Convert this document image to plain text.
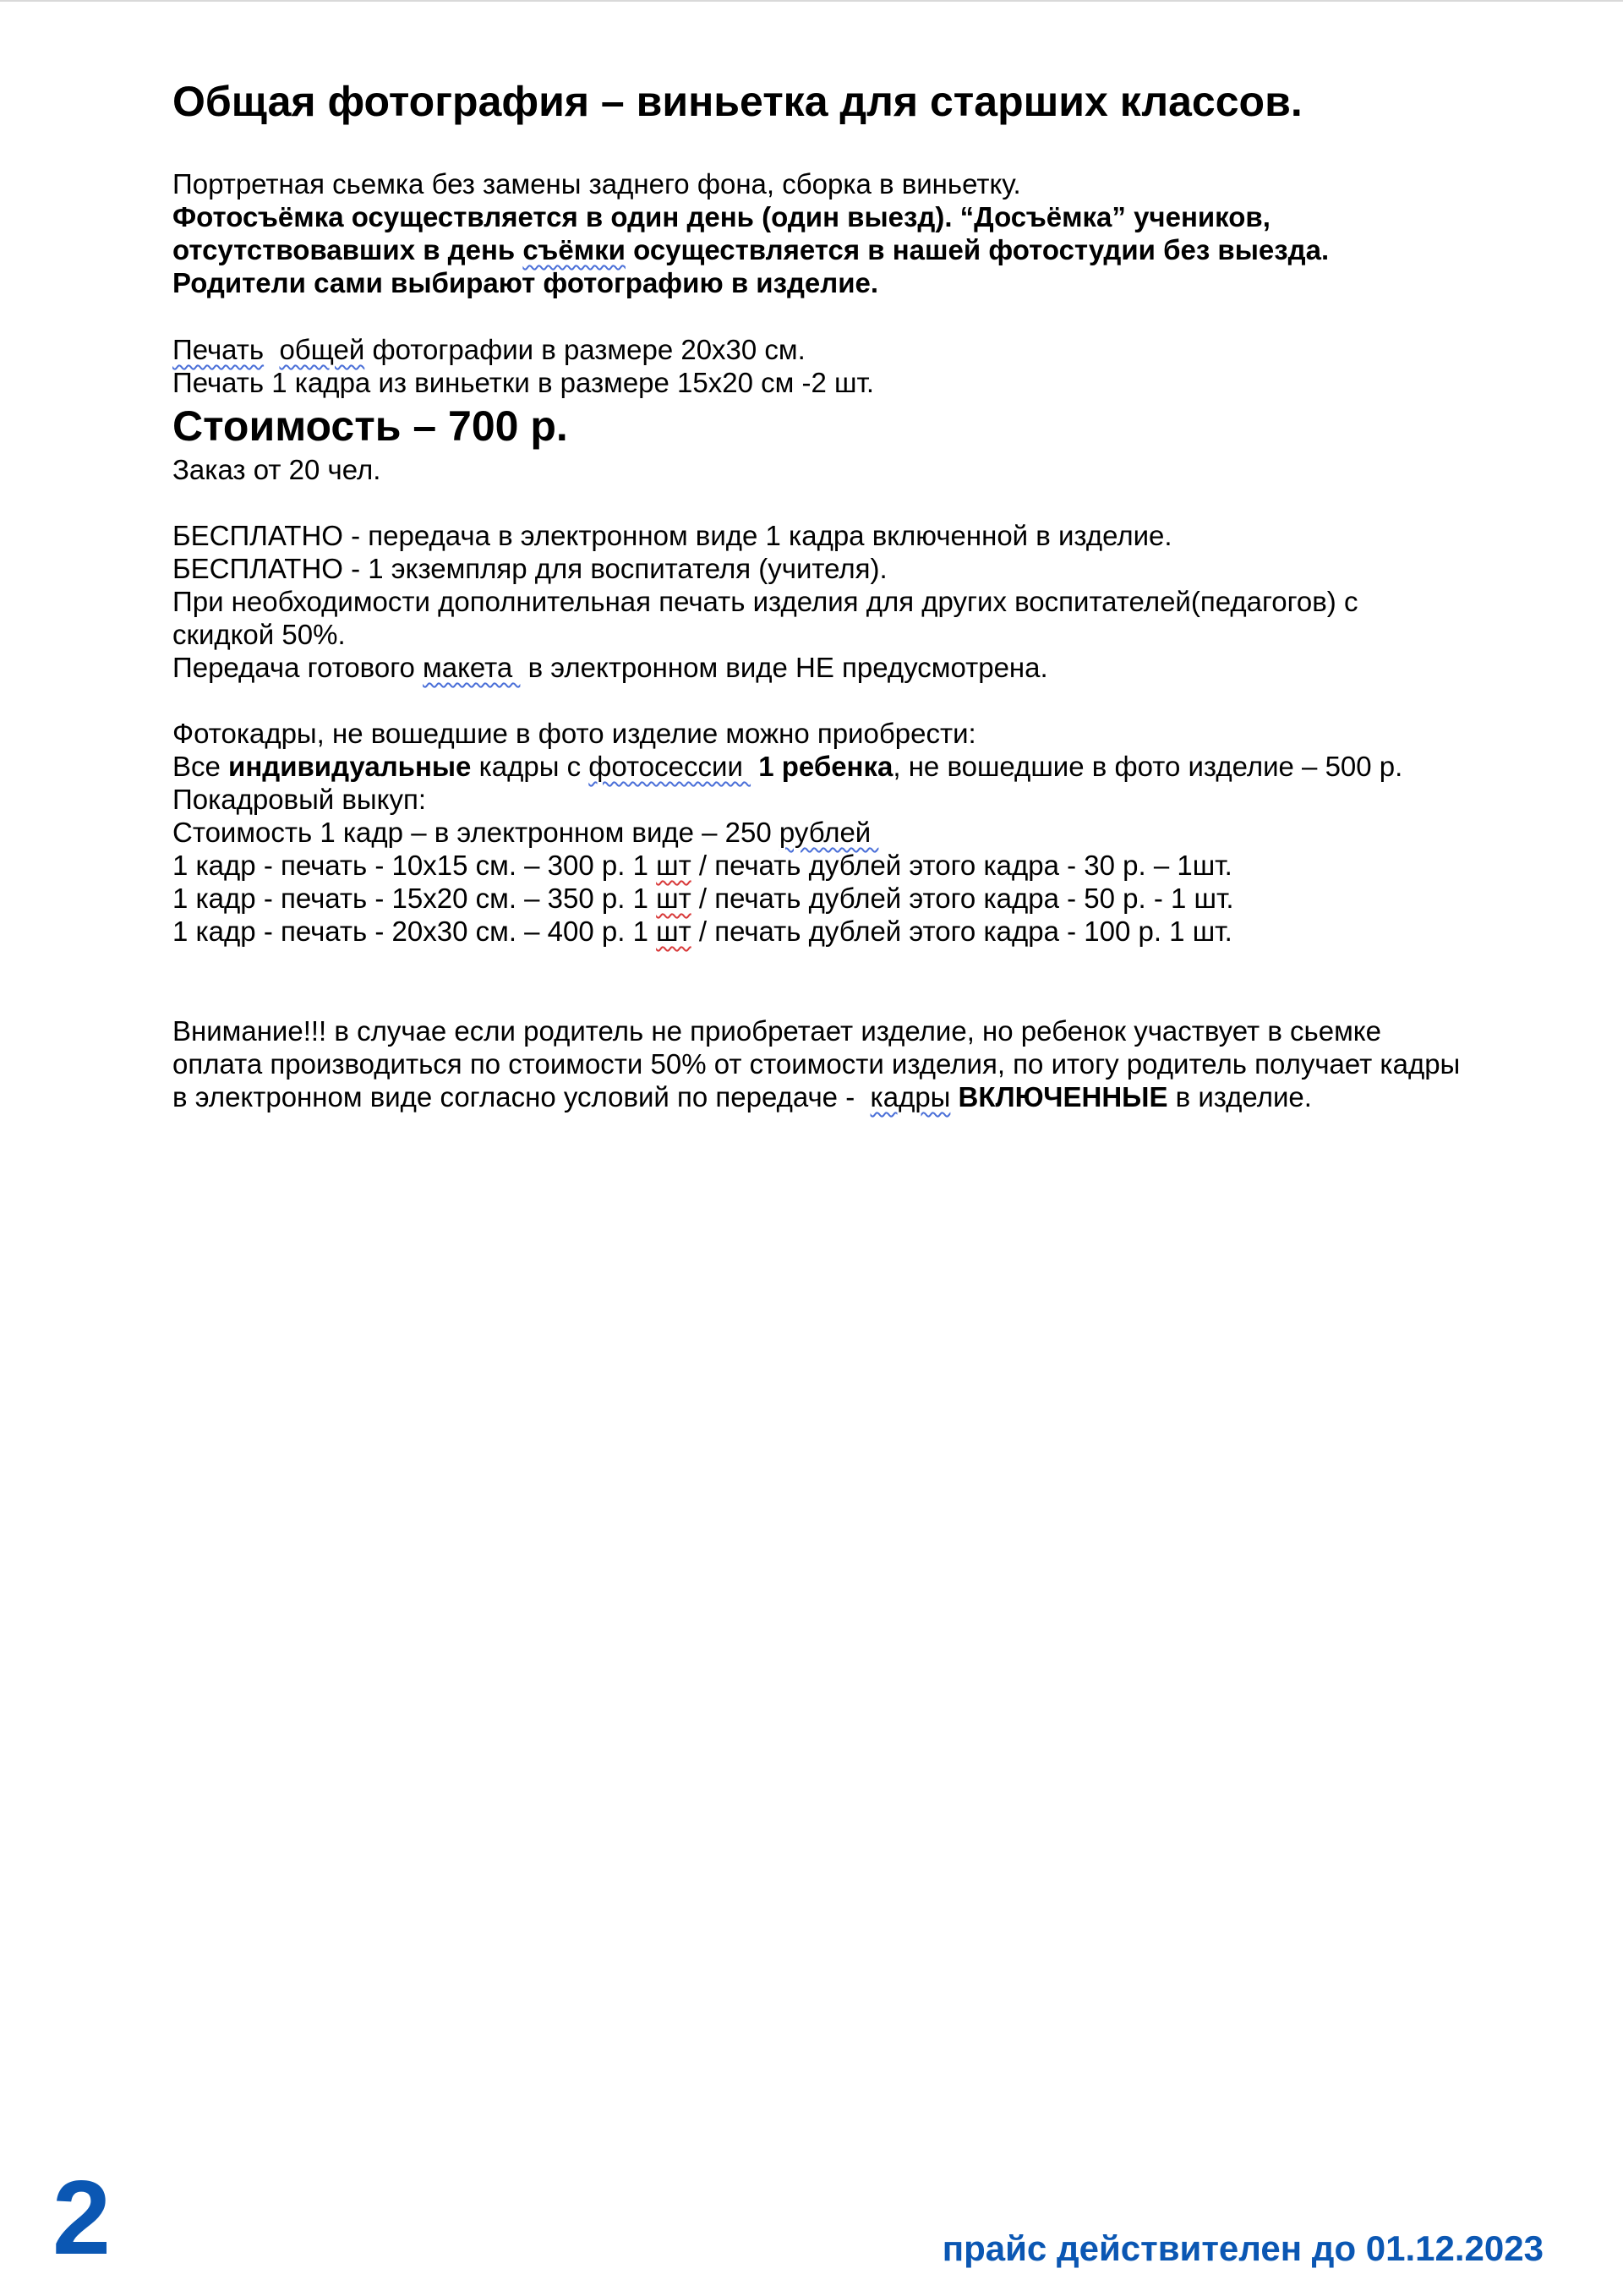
Общая фотография – виньетка для старших классов.
Портретная сьемка без замены заднего фона, сборка в виньетку.
Фотосъёмка осуществляется в один день (один выезд). “Досъёмка” учеников,
отсутствовавших в день съёмки осуществляется в нашей фотостудии без выезда.
Родители сами выбирают фотографию в изделие.
Печать общей фотографии в размере 20х30 см.
Печать 1 кадра из виньетки в размере 15х20 см -2 шт.
Стоимость – 700 р.
Заказ от 20 чел.
БЕСПЛАТНО - передача в электронном виде 1 кадра включенной в изделие.
БЕСПЛАТНО - 1 экземпляр для воспитателя (учителя).
При необходимости дополнительная печать изделия для других воспитателей(педагогов) с
скидкой 50%.
Передача готового макета  в электронном виде НЕ предусмотрена.
Фотокадры, не вошедшие в фото изделие можно приобрести:
Все индивидуальные кадры с фотосессии  1 ребенка, не вошедшие в фото изделие – 500 р.
Покадровый выкуп:
Стоимость 1 кадр – в электронном виде – 250 рублей
1 кадр - печать - 10х15 см. – 300 р. 1 шт / печать дублей этого кадра - 30 р. – 1шт.
1 кадр - печать - 15х20 см. – 350 р. 1 шт / печать дублей этого кадра - 50 р. - 1 шт.
1 кадр - печать - 20х30 см. – 400 р. 1 шт / печать дублей этого кадра - 100 р. 1 шт.
Внимание!!! в случае если родитель не приобретает изделие, но ребенок участвует в сьемке
оплата производиться по стоимости 50% от стоимости изделия, по итогу родитель получает кадры
в электронном виде согласно условий по передаче -  кадры ВКЛЮЧЕННЫЕ в изделие.
2	прайс действителен до 01.12.2023
